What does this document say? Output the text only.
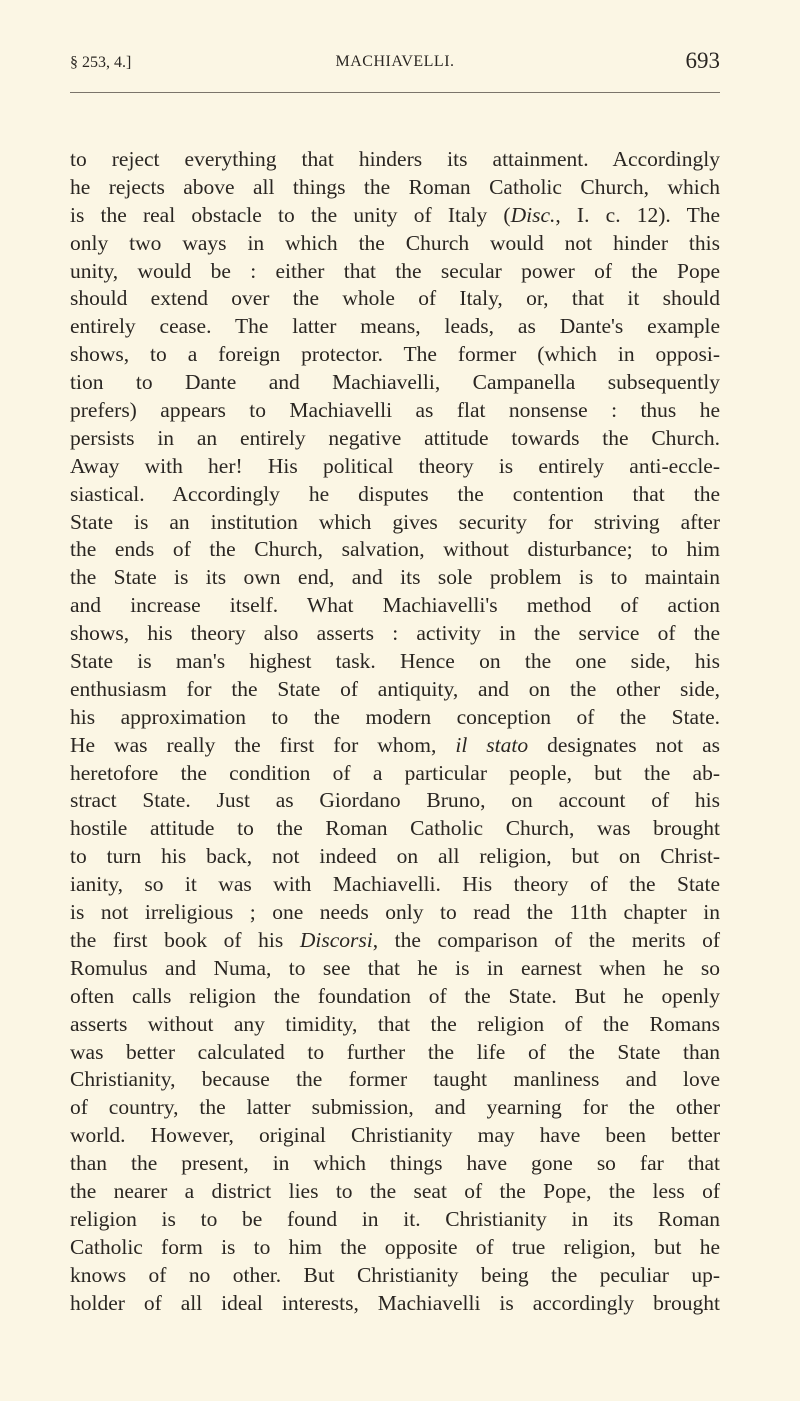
§ 253, 4.]	MACHIAVELLI.	693
to reject everything that hinders its attainment. Accordingly
he rejects above all things the Roman Catholic Church, which
is the real obstacle to the unity of Italy (Disc., I. c. 12). The
only two ways in which the Church would not hinder this
unity, would be : either that the secular power of the Pope
should extend over the whole of Italy, or, that it should
entirely cease. The latter means, leads, as Dante's example
shows, to a foreign protector. The former (which in opposi-
tion to Dante and Machiavelli, Campanella subsequently
prefers) appears to Machiavelli as flat nonsense : thus he
persists in an entirely negative attitude towards the Church.
Away with her! His political theory is entirely anti-eccle-
siastical. Accordingly he disputes the contention that the
State is an institution which gives security for striving after
the ends of the Church, salvation, without disturbance; to him
the State is its own end, and its sole problem is to maintain
and increase itself. What Machiavelli's method of action
shows, his theory also asserts : activity in the service of the
State is man's highest task. Hence on the one side, his
enthusiasm for the State of antiquity, and on the other side,
his approximation to the modern conception of the State.
He was really the first for whom, il stato designates not as
heretofore the condition of a particular people, but the ab-
stract State. Just as Giordano Bruno, on account of his
hostile attitude to the Roman Catholic Church, was brought
to turn his back, not indeed on all religion, but on Christ-
ianity, so it was with Machiavelli. His theory of the State
is not irreligious ; one needs only to read the 11th chapter in
the first book of his Discorsi, the comparison of the merits of
Romulus and Numa, to see that he is in earnest when he so
often calls religion the foundation of the State. But he openly
asserts without any timidity, that the religion of the Romans
was better calculated to further the life of the State than
Christianity, because the former taught manliness and love
of country, the latter submission, and yearning for the other
world. However, original Christianity may have been better
than the present, in which things have gone so far that
the nearer a district lies to the seat of the Pope, the less of
religion is to be found in it. Christianity in its Roman
Catholic form is to him the opposite of true religion, but he
knows of no other. But Christianity being the peculiar up-
holder of all ideal interests, Machiavelli is accordingly brought
